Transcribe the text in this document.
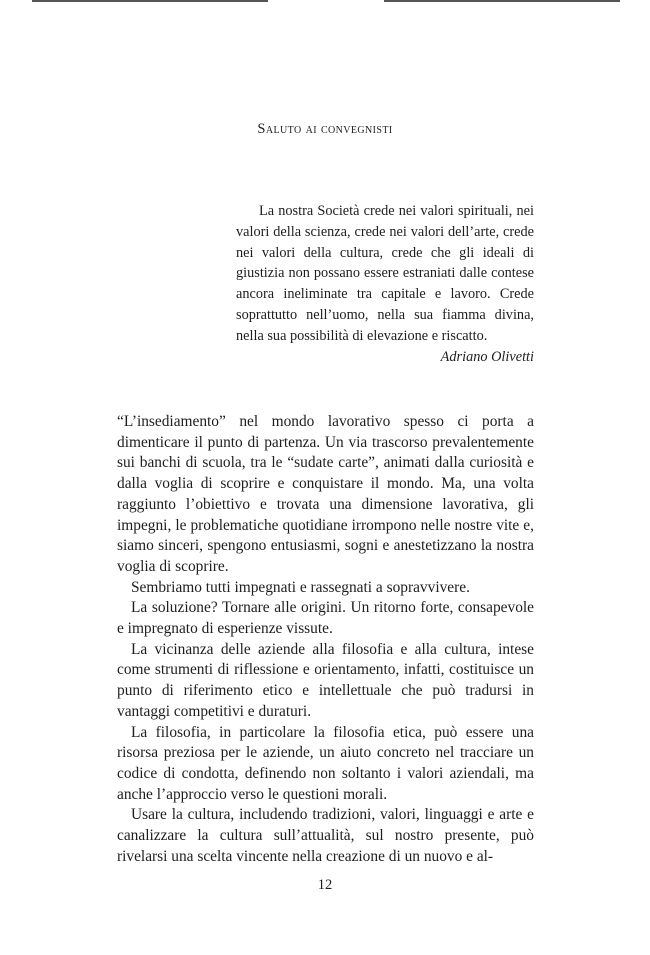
Saluto ai convegnisti

La nostra Società crede nei valori spirituali, nei valori della scienza, crede nei valori dell’arte, crede nei valori della cultura, crede che gli ideali di giustizia non possano essere estraniati dalle contese ancora ineliminate tra capitale e lavoro. Crede soprattutto nell’uomo, nella sua fiamma divina, nella sua possibilità di elevazione e riscatto.

Adriano Olivetti

“L’insediamento” nel mondo lavorativo spesso ci porta a dimenticare il punto di partenza. Un via trascorso prevalentemente sui banchi di scuola, tra le “sudate carte”, animati dalla curiosità e dalla voglia di scoprire e conquistare il mondo. Ma, una volta raggiunto l’obiettivo e trovata una dimensione lavorativa, gli impegni, le problematiche quotidiane irrompono nelle nostre vite e, siamo sinceri, spengono entusiasmi, sogni e anestetizzano la nostra voglia di scoprire.

Sembriamo tutti impegnati e rassegnati a sopravvivere.

La soluzione? Tornare alle origini. Un ritorno forte, consapevole e impregnato di esperienze vissute.

La vicinanza delle aziende alla filosofia e alla cultura, intese come strumenti di riflessione e orientamento, infatti, costituisce un punto di riferimento etico e intellettuale che può tradursi in vantaggi competitivi e duraturi.

La filosofia, in particolare la filosofia etica, può essere una risorsa preziosa per le aziende, un aiuto concreto nel tracciare un codice di condotta, definendo non soltanto i valori aziendali, ma anche l’approccio verso le questioni morali.

Usare la cultura, includendo tradizioni, valori, linguaggi e arte e canalizzare la cultura sull’attualità, sul nostro presente, può rivelarsi una scelta vincente nella creazione di un nuovo e al-

12
